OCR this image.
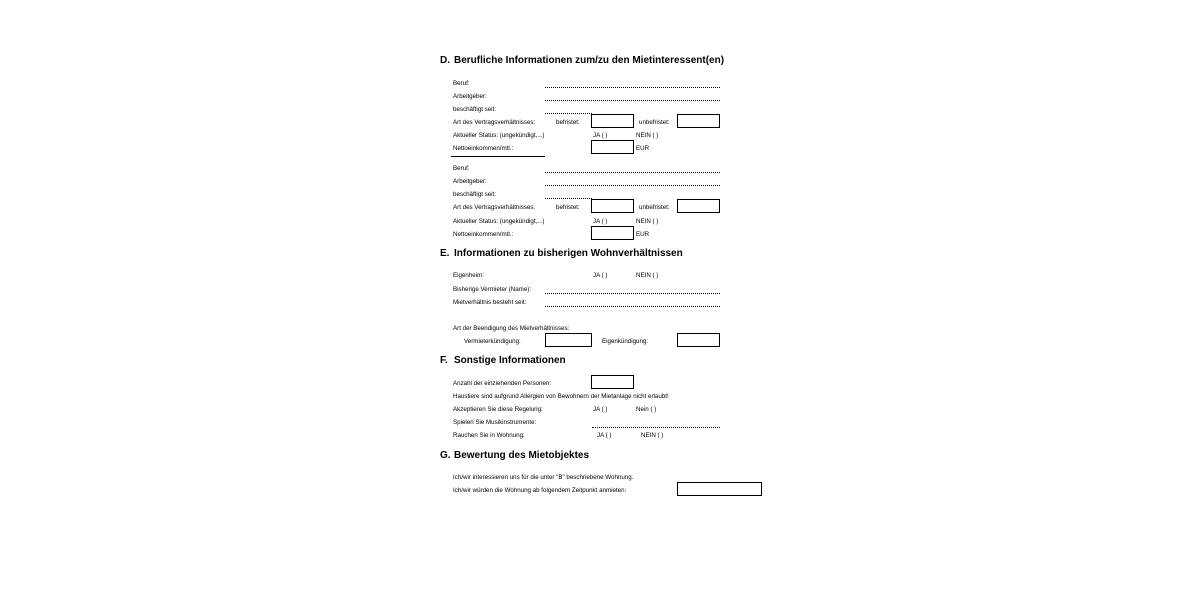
D. Berufliche Informationen zum/zu den Mietinteressent(en)
Beruf:
Arbeitgeber:
beschäftigt seit:
Art des Vertragsverhältnisses:	befristet:	unbefristet:
Aktueller Status: (ungekündigt,...)	JA ( )	NEIN ( )
Nettoeinkommen/mtl.:	EUR
Beruf:
Arbeitgeber:
beschäftigt seit:
Art des Vertragsverhältnisses:	befristet:	unbefristet:
Aktueller Status: (ungekündigt,...)	JA ( )	NEIN ( )
Nettoeinkommen/mtl.:	EUR
E. Informationen zu bisherigen Wohnverhältnissen
Eigenheim:	JA ( )	NEIN ( )
Bisherige Vermieter (Name):
Mietverhältnis besteht seit:
Art der Beendigung des Mietverhältnisses:
Vermieterkündigung:	Eigenkündigung:
F. Sonstige Informationen
Anzahl der einziehenden Personen:
Haustiere sind aufgrund Allergien von Bewohnern der Mietanlage nicht erlaubt!
Akzeptieren Sie diese Regelung:	JA ( )	Nein ( )
Spielen Sie Musikinstrumente:
Rauchen Sie in Wohnung:	JA ( )	NEIN ( )
G. Bewertung des Mietobjektes
Ich/wir interessieren uns für die unter "B" beschriebene Wohnung.
Ich/wir würden die Wohnung ab folgendem Zeitpunkt anmieten:
